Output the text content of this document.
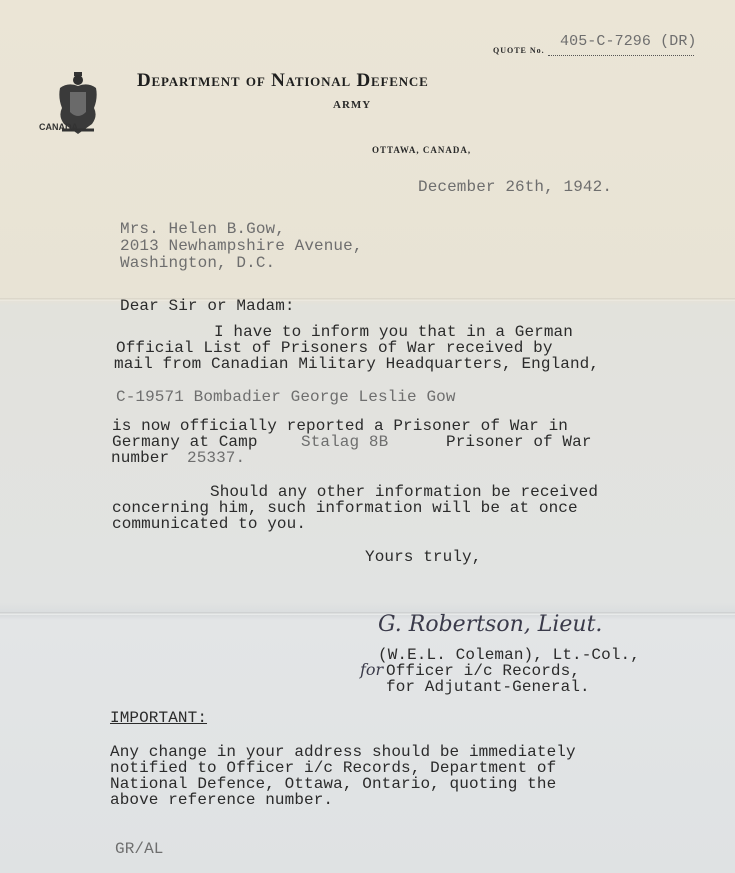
CANADA
QUOTE No.
405-C-7296 (DR)
Department of National Defence
ARMY
OTTAWA, CANADA,
December 26th, 1942.
Mrs. Helen B.Gow,
2013 Newhampshire Avenue,
Washington, D.C.
Dear Sir or Madam:
I have to inform you that in a German
Official List of Prisoners of War received by
mail from Canadian Military Headquarters, England,
C-19571 Bombadier George Leslie Gow
is now officially reported a Prisoner of War in
Germany at Camp	Stalag 8B	Prisoner of War
number 25337.
Should any other information be received
concerning him, such information will be at once
communicated to you.
Yours truly,
G. Robertson, Lieut.
for
(W.E.L. Coleman), Lt.-Col.,
Officer i/c Records,
for Adjutant-General.
IMPORTANT:
Any change in your address should be immediately
notified to Officer i/c Records, Department of
National Defence, Ottawa, Ontario, quoting the
above reference number.
GR/AL
